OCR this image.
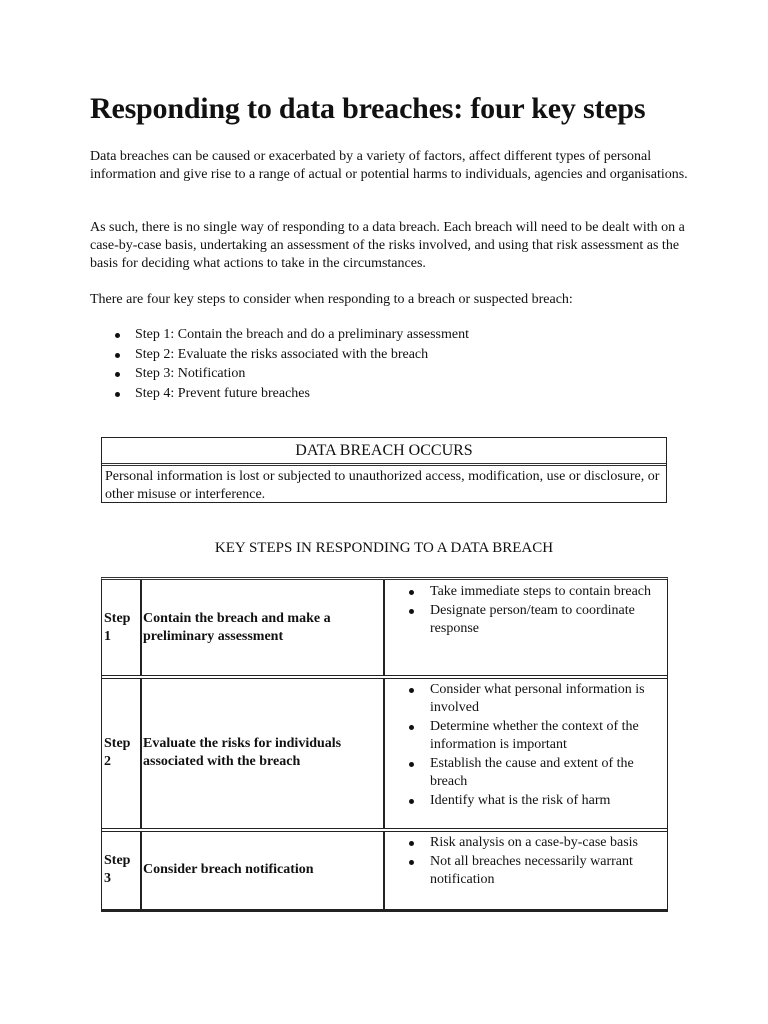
Responding to data breaches: four key steps

Data breaches can be caused or exacerbated by a variety of factors, affect different types of personal information and give rise to a range of actual or potential harms to individuals, agencies and organisations.

As such, there is no single way of responding to a data breach. Each breach will need to be dealt with on a case-by-case basis, undertaking an assessment of the risks involved, and using that risk assessment as the basis for deciding what actions to take in the circumstances.

There are four key steps to consider when responding to a breach or suspected breach:

Step 1: Contain the breach and do a preliminary assessment
Step 2: Evaluate the risks associated with the breach
Step 3: Notification
Step 4: Prevent future breaches
DATA BREACH OCCURS
Personal information is lost or subjected to unauthorized access, modification, use or disclosure, or other misuse or interference.
KEY STEPS IN RESPONDING TO A DATA BREACH
Step 1
Contain the breach and make a preliminary assessment
Take immediate steps to contain breach
Designate person/team to coordinate response
Step 2
Evaluate the risks for individuals associated with the breach
Consider what personal information is involved
Determine whether the context of the information is important
Establish the cause and extent of the breach
Identify what is the risk of harm
Step 3
Consider breach notification
Risk analysis on a case-by-case basis
Not all breaches necessarily warrant notification
